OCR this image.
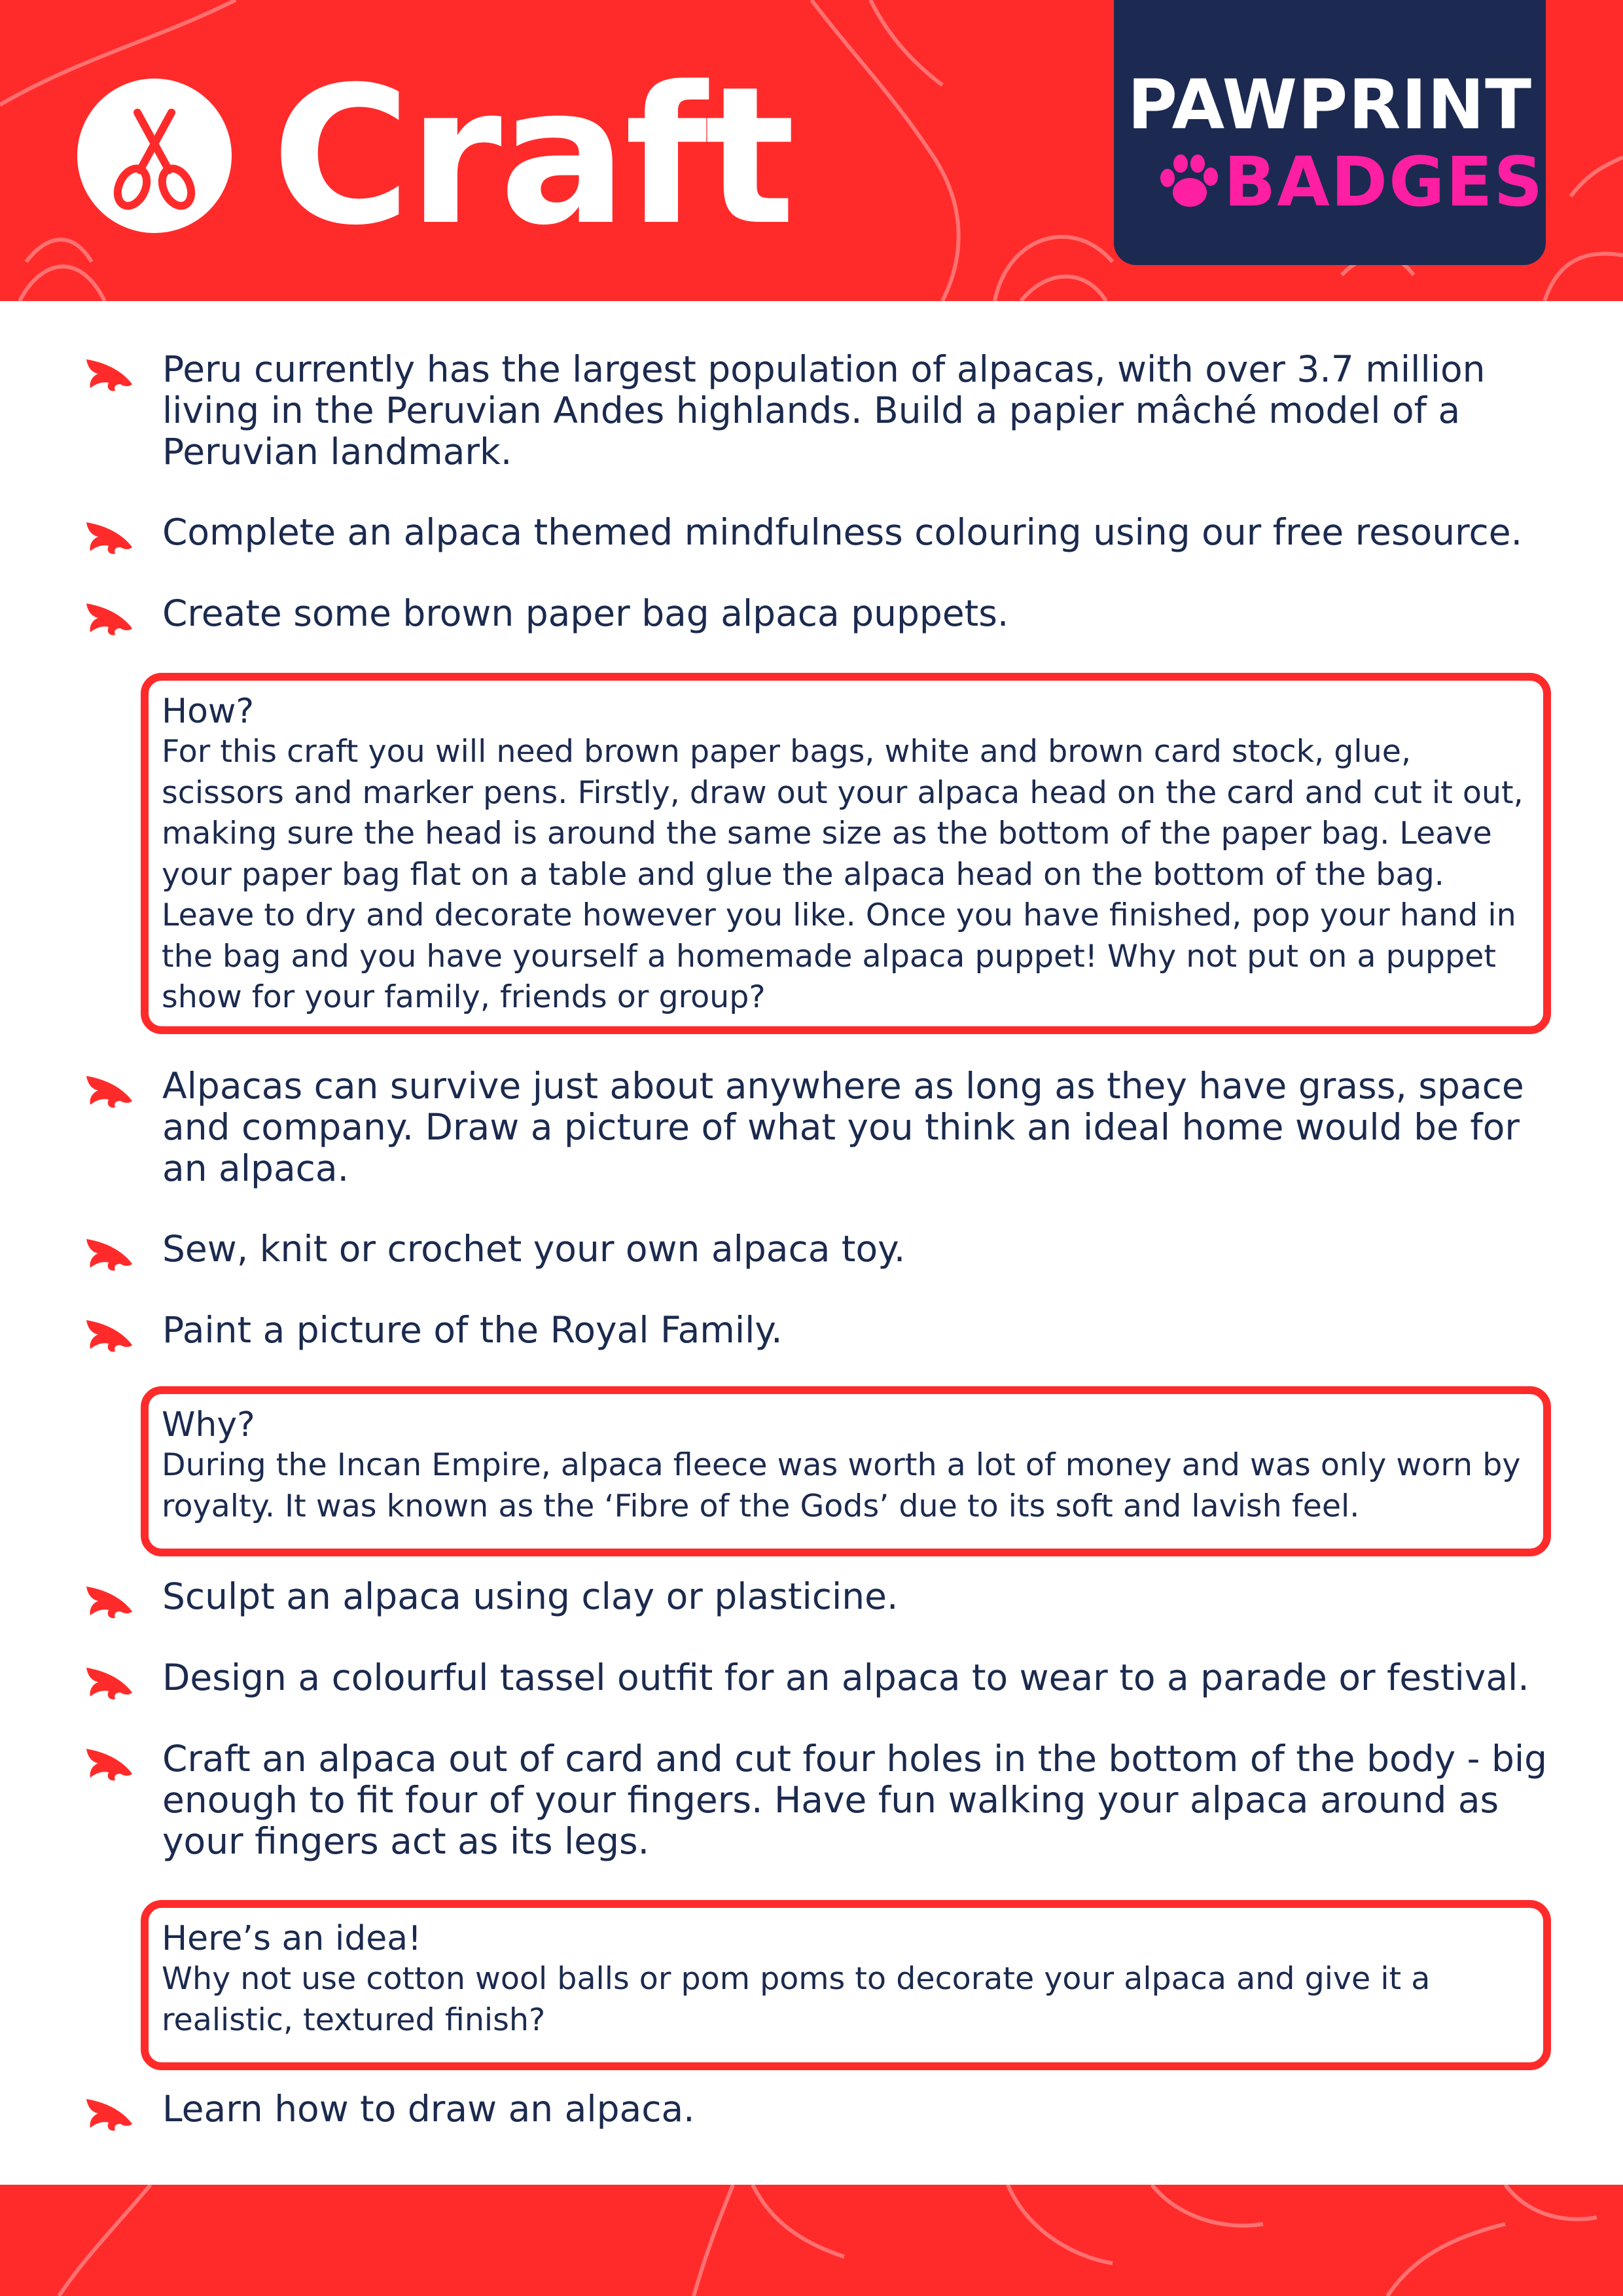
Craft	PAWPRINT
BADGES
Peru currently has the largest population of alpacas, with over 3.7 million living in the Peruvian Andes highlands. Build a papier mâché model of a Peruvian landmark.
Complete an alpaca themed mindfulness colouring using our free resource.
Create some brown paper bag alpaca puppets.
How?
For this craft you will need brown paper bags, white and brown card stock, glue, scissors and marker pens. Firstly, draw out your alpaca head on the card and cut it out, making sure the head is around the same size as the bottom of the paper bag. Leave your paper bag flat on a table and glue the alpaca head on the bottom of the bag. Leave to dry and decorate however you like. Once you have finished, pop your hand in the bag and you have yourself a homemade alpaca puppet! Why not put on a puppet show for your family, friends or group?
Alpacas can survive just about anywhere as long as they have grass, space and company. Draw a picture of what you think an ideal home would be for an alpaca.
Sew, knit or crochet your own alpaca toy.
Paint a picture of the Royal Family.
Why?
During the Incan Empire, alpaca fleece was worth a lot of money and was only worn by royalty. It was known as the ‘Fibre of the Gods’ due to its soft and lavish feel.
Sculpt an alpaca using clay or plasticine.
Design a colourful tassel outfit for an alpaca to wear to a parade or festival.
Craft an alpaca out of card and cut four holes in the bottom of the body - big enough to fit four of your fingers. Have fun walking your alpaca around as your fingers act as its legs.
Here’s an idea!
Why not use cotton wool balls or pom poms to decorate your alpaca and give it a realistic, textured finish?
Learn how to draw an alpaca.
